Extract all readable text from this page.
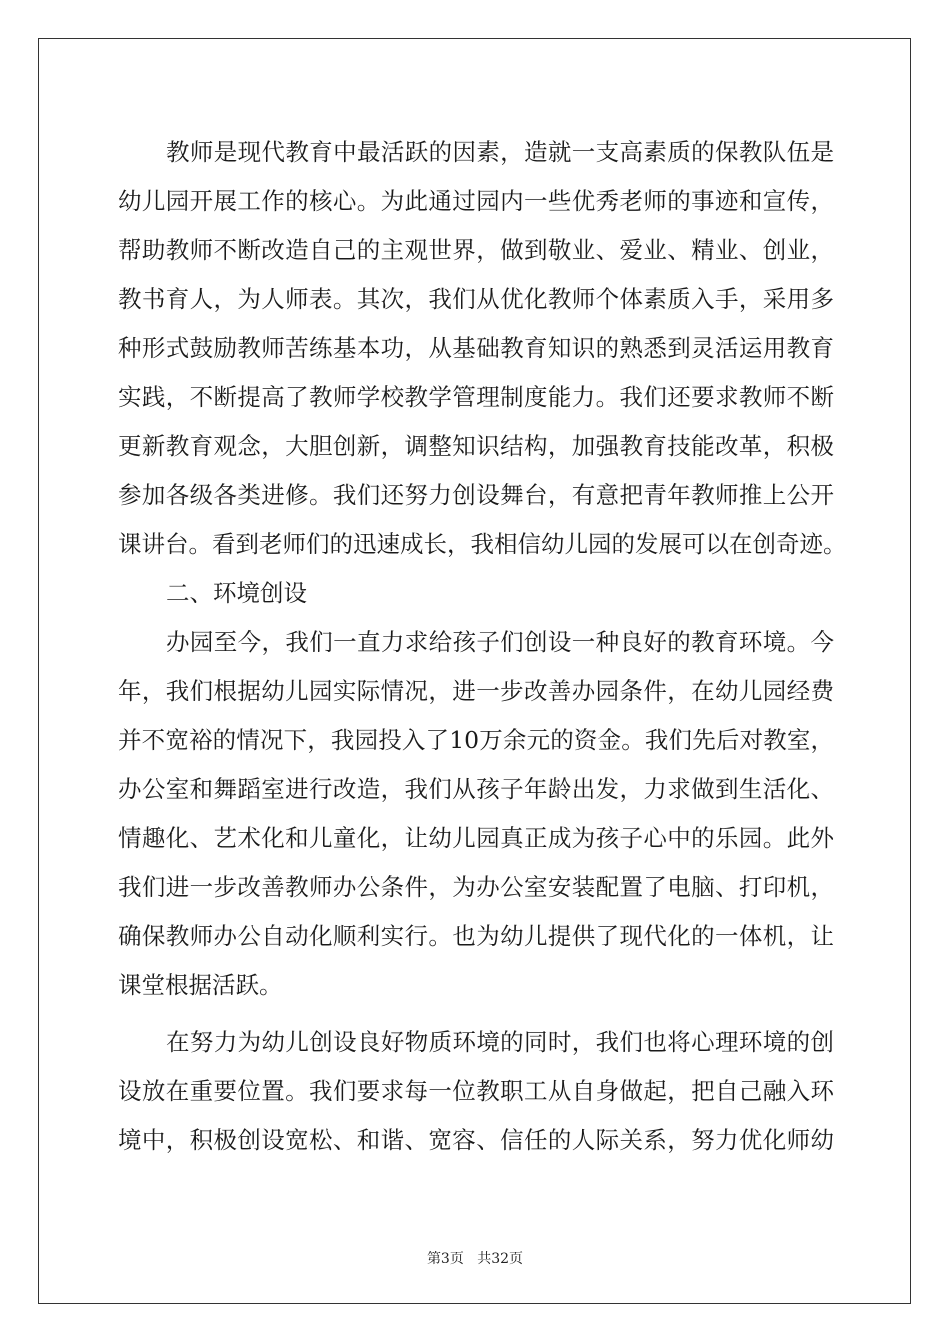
教师是现代教育中最活跃的因素，造就一支高素质的保教队伍是
幼儿园开展工作的核心。为此通过园内一些优秀老师的事迹和宣传，
帮助教师不断改造自己的主观世界，做到敬业、爱业、精业、创业，
教书育人，为人师表。其次，我们从优化教师个体素质入手，采用多
种形式鼓励教师苦练基本功，从基础教育知识的熟悉到灵活运用教育
实践，不断提高了教师学校教学管理制度能力。我们还要求教师不断
更新教育观念，大胆创新，调整知识结构，加强教育技能改革，积极
参加各级各类进修。我们还努力创设舞台，有意把青年教师推上公开
课讲台。看到老师们的迅速成长，我相信幼儿园的发展可以在创奇迹。
二、环境创设
办园至今，我们一直力求给孩子们创设一种良好的教育环境。今
年，我们根据幼儿园实际情况，进一步改善办园条件，在幼儿园经费
并不宽裕的情况下，我园投入了10万余元的资金。我们先后对教室，
办公室和舞蹈室进行改造，我们从孩子年龄出发，力求做到生活化、
情趣化、艺术化和儿童化，让幼儿园真正成为孩子心中的乐园。此外
我们进一步改善教师办公条件，为办公室安装配置了电脑、打印机，
确保教师办公自动化顺利实行。也为幼儿提供了现代化的一体机，让
课堂根据活跃。
在努力为幼儿创设良好物质环境的同时，我们也将心理环境的创
设放在重要位置。我们要求每一位教职工从自身做起，把自己融入环
境中，积极创设宽松、和谐、宽容、信任的人际关系，努力优化师幼
第3页 共32页
